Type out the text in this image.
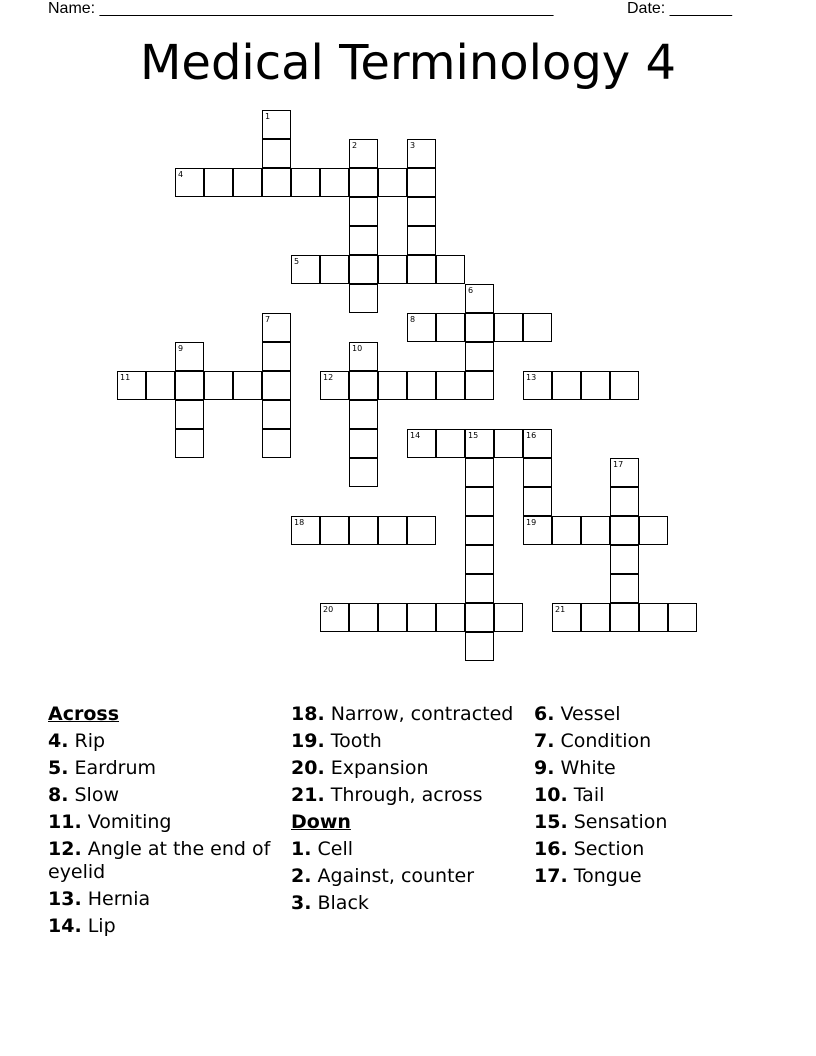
Name: ___________________________________________________	Date: _______
Medical Terminology 4
4
5
8
11	12	13
14	15	16
18	19
20	21
1
2	3
6
7
9	10
17
Across
4. Rip
5. Eardrum
8. Slow
11. Vomiting
12. Angle at the end of eyelid
13. Hernia
14. Lip
18. Narrow, contracted
19. Tooth
20. Expansion
21. Through, across
Down
1. Cell
2. Against, counter
3. Black
6. Vessel
7. Condition
9. White
10. Tail
15. Sensation
16. Section
17. Tongue
